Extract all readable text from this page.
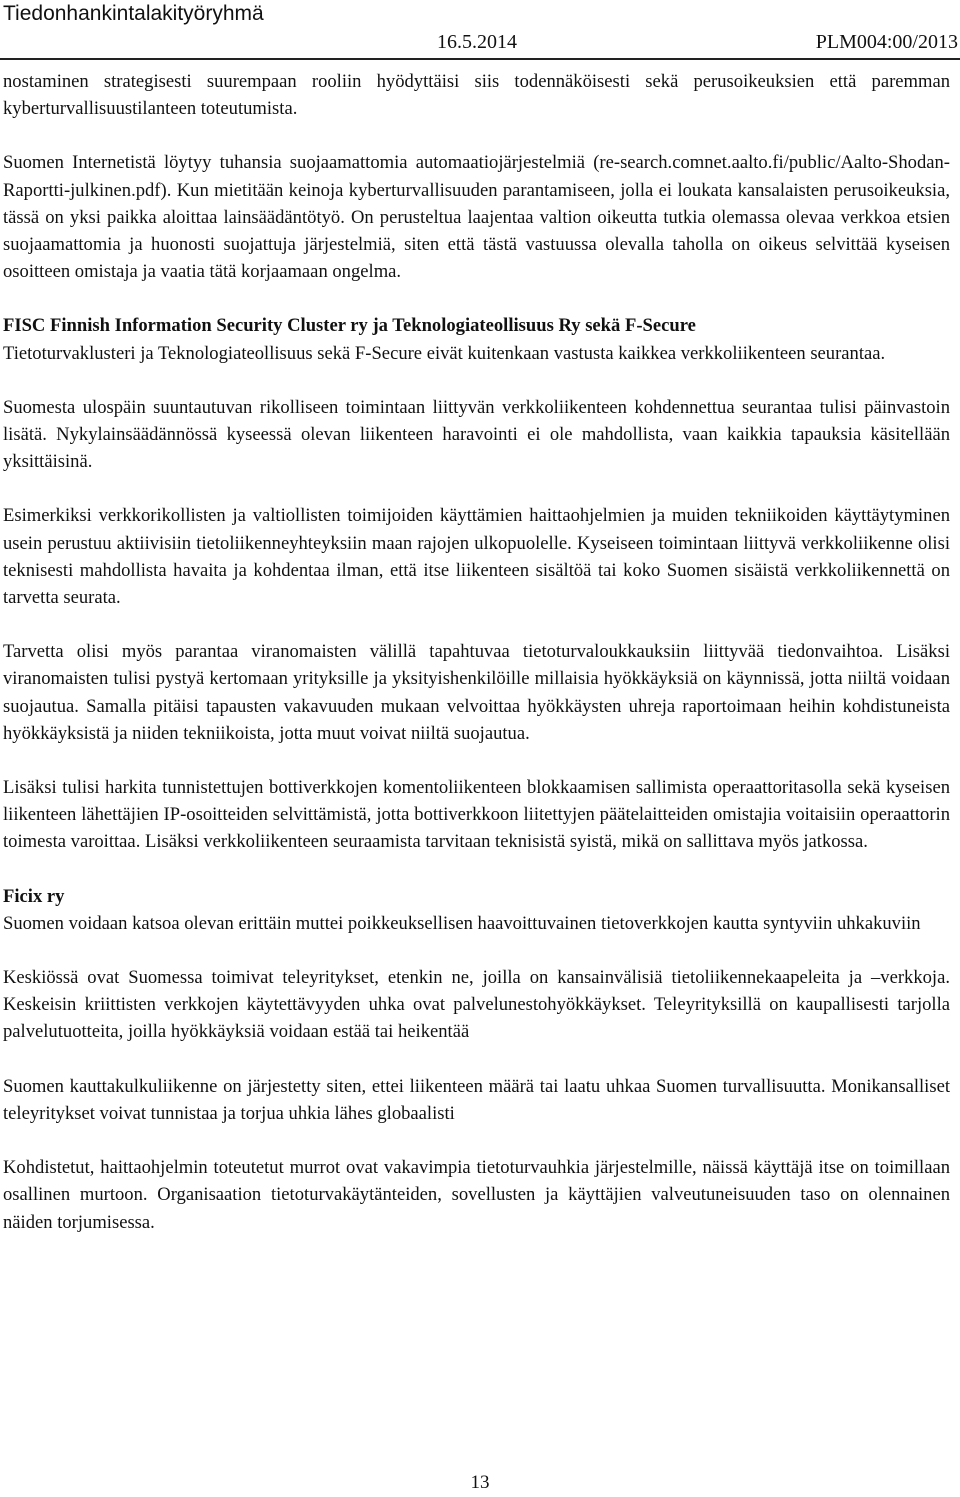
Tiedonhankintalakityöryhmä
16.5.2014	PLM004:00/2013

nostaminen strategisesti suurempaan rooliin hyödyttäisi siis todennäköisesti sekä perusoikeuksien että paremman kyberturvallisuustilanteen toteutumista.

Suomen Internetistä löytyy tuhansia suojaamattomia automaatiojärjestelmiä (re-search.comnet.aalto.fi/public/Aalto-Shodan-Raportti-julkinen.pdf). Kun mietitään keinoja kyberturvallisuuden parantamiseen, jolla ei loukata kansalaisten perusoikeuksia, tässä on yksi paikka aloittaa lainsäädäntötyö. On perusteltua laajentaa valtion oikeutta tutkia olemassa olevaa verkkoa etsien suojaamattomia ja huonosti suojattuja järjestelmiä, siten että tästä vastuussa olevalla taholla on oikeus selvittää kyseisen osoitteen omistaja ja vaatia tätä korjaamaan ongelma.

FISC Finnish Information Security Cluster ry ja Teknologiateollisuus Ry sekä F-Secure

Tietoturvaklusteri ja Teknologiateollisuus sekä F-Secure eivät kuitenkaan vastusta kaikkea verkkoliikenteen seurantaa.

Suomesta ulospäin suuntautuvan rikolliseen toimintaan liittyvän verkkoliikenteen kohdennettua seurantaa tulisi päinvastoin lisätä. Nykylainsäädännössä kyseessä olevan liikenteen haravointi ei ole mahdollista, vaan kaikkia tapauksia käsitellään yksittäisinä.

Esimerkiksi verkkorikollisten ja valtiollisten toimijoiden käyttämien haittaohjelmien ja muiden tekniikoiden käyttäytyminen usein perustuu aktiivisiin tietoliikenneyhteyksiin maan rajojen ulkopuolelle. Kyseiseen toimintaan liittyvä verkkoliikenne olisi teknisesti mahdollista havaita ja kohdentaa ilman, että itse liikenteen sisältöä tai koko Suomen sisäistä verkkoliikennettä on tarvetta seurata.

Tarvetta olisi myös parantaa viranomaisten välillä tapahtuvaa tietoturvaloukkauksiin liittyvää tiedonvaihtoa. Lisäksi viranomaisten tulisi pystyä kertomaan yrityksille ja yksityishenkilöille millaisia hyökkäyksiä on käynnissä, jotta niiltä voidaan suojautua. Samalla pitäisi tapausten vakavuuden mukaan velvoittaa hyökkäysten uhreja raportoimaan heihin kohdistuneista hyökkäyksistä ja niiden tekniikoista, jotta muut voivat niiltä suojautua.

Lisäksi tulisi harkita tunnistettujen bottiverkkojen komentoliikenteen blokkaamisen sallimista operaattoritasolla sekä kyseisen liikenteen lähettäjien IP-osoitteiden selvittämistä, jotta bottiverkkoon liitettyjen päätelaitteiden omistajia voitaisiin operaattorin toimesta varoittaa. Lisäksi verkkoliikenteen seuraamista tarvitaan teknisistä syistä, mikä on sallittava myös jatkossa.

Ficix ry

Suomen voidaan katsoa olevan erittäin muttei poikkeuksellisen haavoittuvainen tietoverkkojen kautta syntyviin uhkakuviin

Keskiössä ovat Suomessa toimivat teleyritykset, etenkin ne, joilla on kansainvälisiä tietoliikennekaapeleita ja –verkkoja. Keskeisin kriittisten verkkojen käytettävyyden uhka ovat palvelunestohyökkäykset. Teleyrityksillä on kaupallisesti tarjolla palvelutuotteita, joilla hyökkäyksiä voidaan estää tai heikentää

Suomen kauttakulkuliikenne on järjestetty siten, ettei liikenteen määrä tai laatu uhkaa Suomen turvallisuutta. Monikansalliset teleyritykset voivat tunnistaa ja torjua uhkia lähes globaalisti

Kohdistetut, haittaohjelmin toteutetut murrot ovat vakavimpia tietoturvauhkia järjestelmille, näissä käyttäjä itse on toimillaan osallinen murtoon. Organisaation tietoturvakäytänteiden, sovellusten ja käyttäjien valveutuneisuuden taso on olennainen näiden torjumisessa.

13
